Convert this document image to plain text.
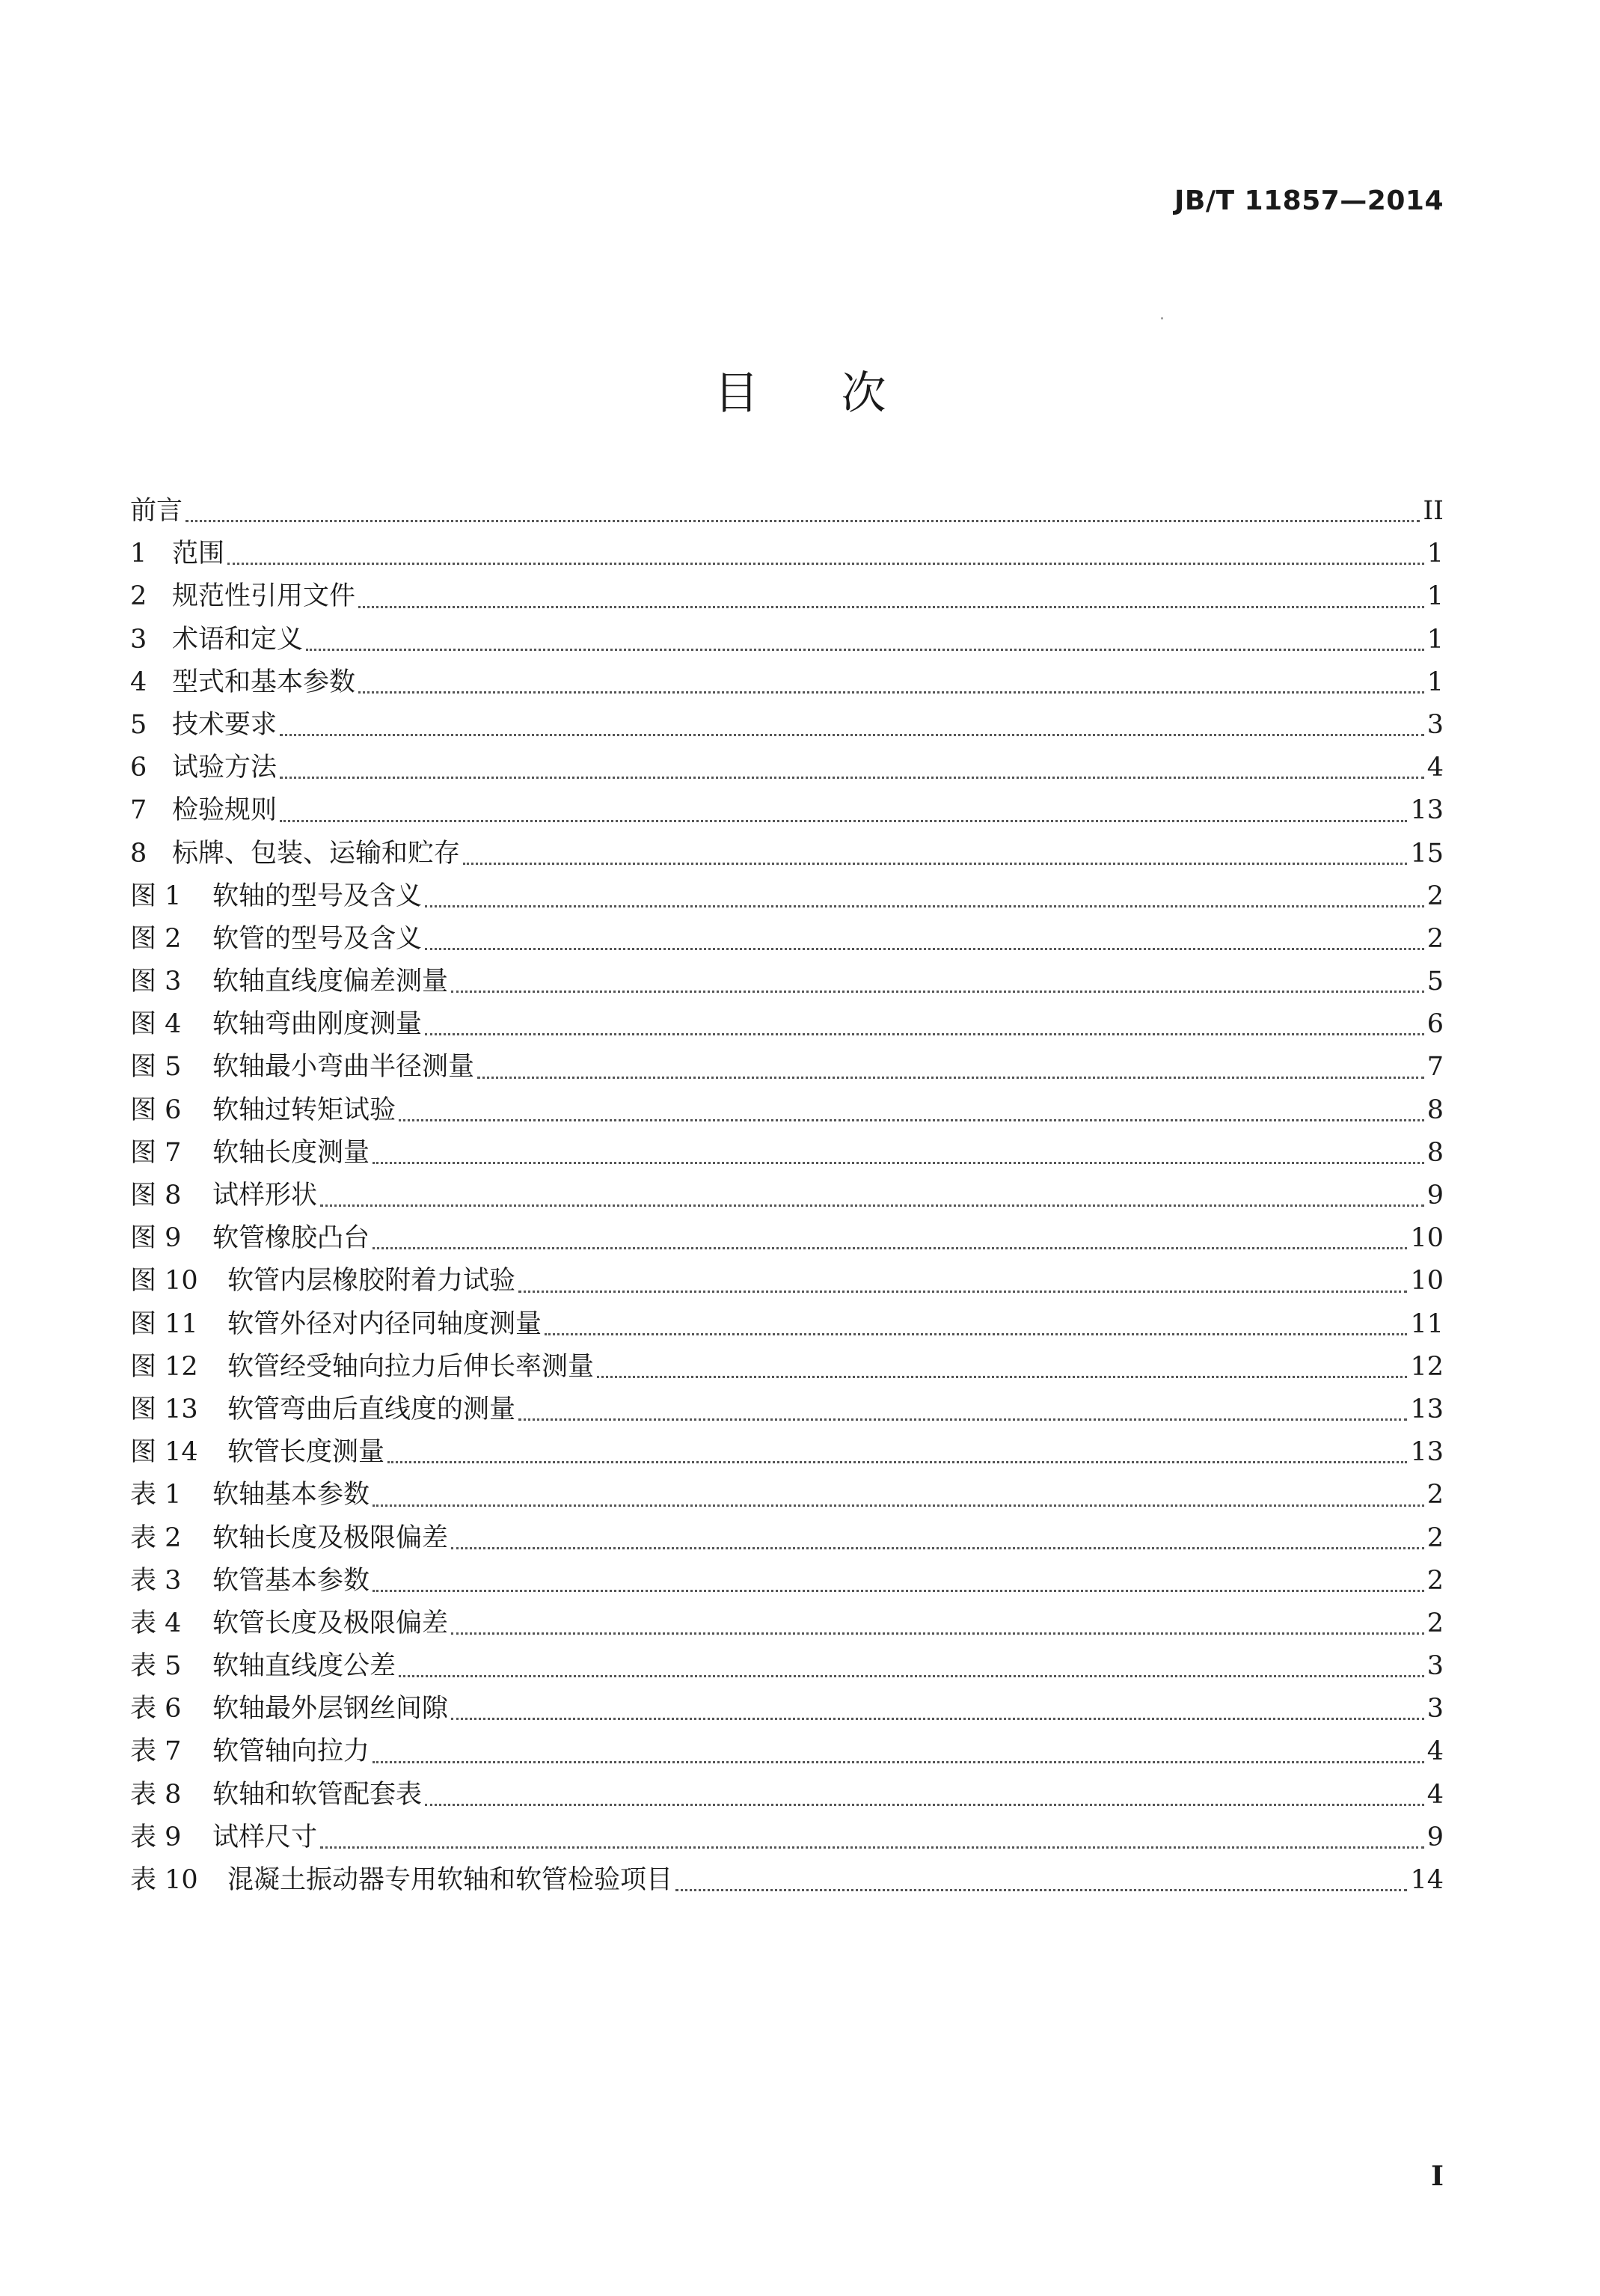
JB/T 11857—2014
目次
前言	II
1 范围	1
2 规范性引用文件	1
3 术语和定义	1
4 型式和基本参数	1
5 技术要求	3
6 试验方法	4
7 检验规则	13
8 标牌、包装、运输和贮存	15
图 1	软轴的型号及含义	2
图 2	软管的型号及含义	2
图 3	软轴直线度偏差测量	5
图 4	软轴弯曲刚度测量	6
图 5	软轴最小弯曲半径测量	7
图 6	软轴过转矩试验	8
图 7	软轴长度测量	8
图 8	试样形状	9
图 9	软管橡胶凸台	10
图 10	软管内层橡胶附着力试验	10
图 11	软管外径对内径同轴度测量	11
图 12	软管经受轴向拉力后伸长率测量	12
图 13	软管弯曲后直线度的测量	13
图 14	软管长度测量	13
表 1	软轴基本参数	2
表 2	软轴长度及极限偏差	2
表 3	软管基本参数	2
表 4	软管长度及极限偏差	2
表 5	软轴直线度公差	3
表 6	软轴最外层钢丝间隙	3
表 7	软管轴向拉力	4
表 8	软轴和软管配套表	4
表 9	试样尺寸	9
表 10	混凝土振动器专用软轴和软管检验项目	14
I
